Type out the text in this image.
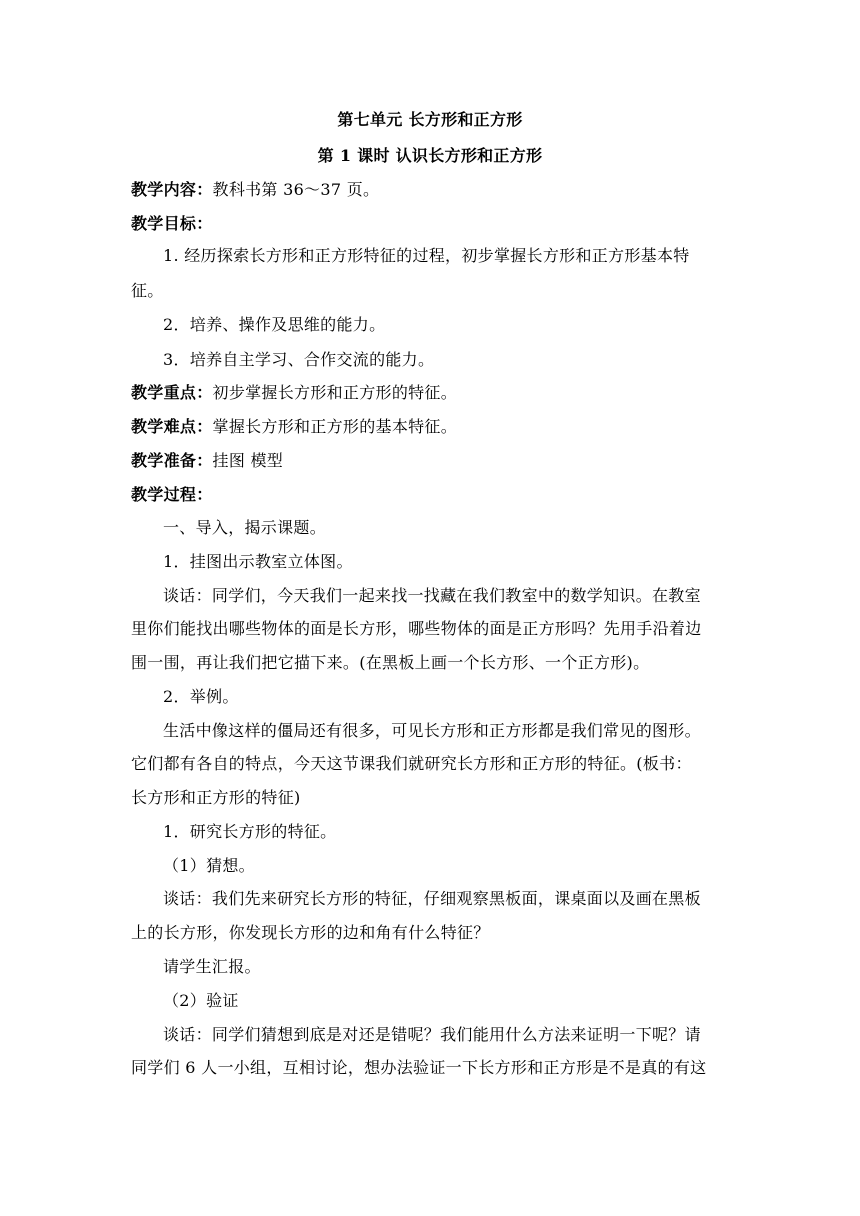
第七单元 长方形和正方形
第 1 课时 认识长方形和正方形
教学内容：教科书第 36～37 页。
教学目标：
1. 经历探索长方形和正方形特征的过程，初步掌握长方形和正方形基本特
征。
2．培养、操作及思维的能力。
3．培养自主学习、合作交流的能力。
教学重点：初步掌握长方形和正方形的特征。
教学难点：掌握长方形和正方形的基本特征。
教学准备：挂图 模型
教学过程：
一、导入，揭示课题。
1．挂图出示教室立体图。
谈话：同学们，今天我们一起来找一找藏在我们教室中的数学知识。在教室
里你们能找出哪些物体的面是长方形，哪些物体的面是正方形吗？先用手沿着边
围一围，再让我们把它描下来。(在黑板上画一个长方形、一个正方形)。
2．举例。
生活中像这样的僵局还有很多，可见长方形和正方形都是我们常见的图形。
它们都有各自的特点，今天这节课我们就研究长方形和正方形的特征。(板书：
长方形和正方形的特征)
1．研究长方形的特征。
（1）猜想。
谈话：我们先来研究长方形的特征，仔细观察黑板面，课桌面以及画在黑板
上的长方形，你发现长方形的边和角有什么特征？
请学生汇报。
（2）验证
谈话：同学们猜想到底是对还是错呢？我们能用什么方法来证明一下呢？请
同学们 6 人一小组，互相讨论，想办法验证一下长方形和正方形是不是真的有这
